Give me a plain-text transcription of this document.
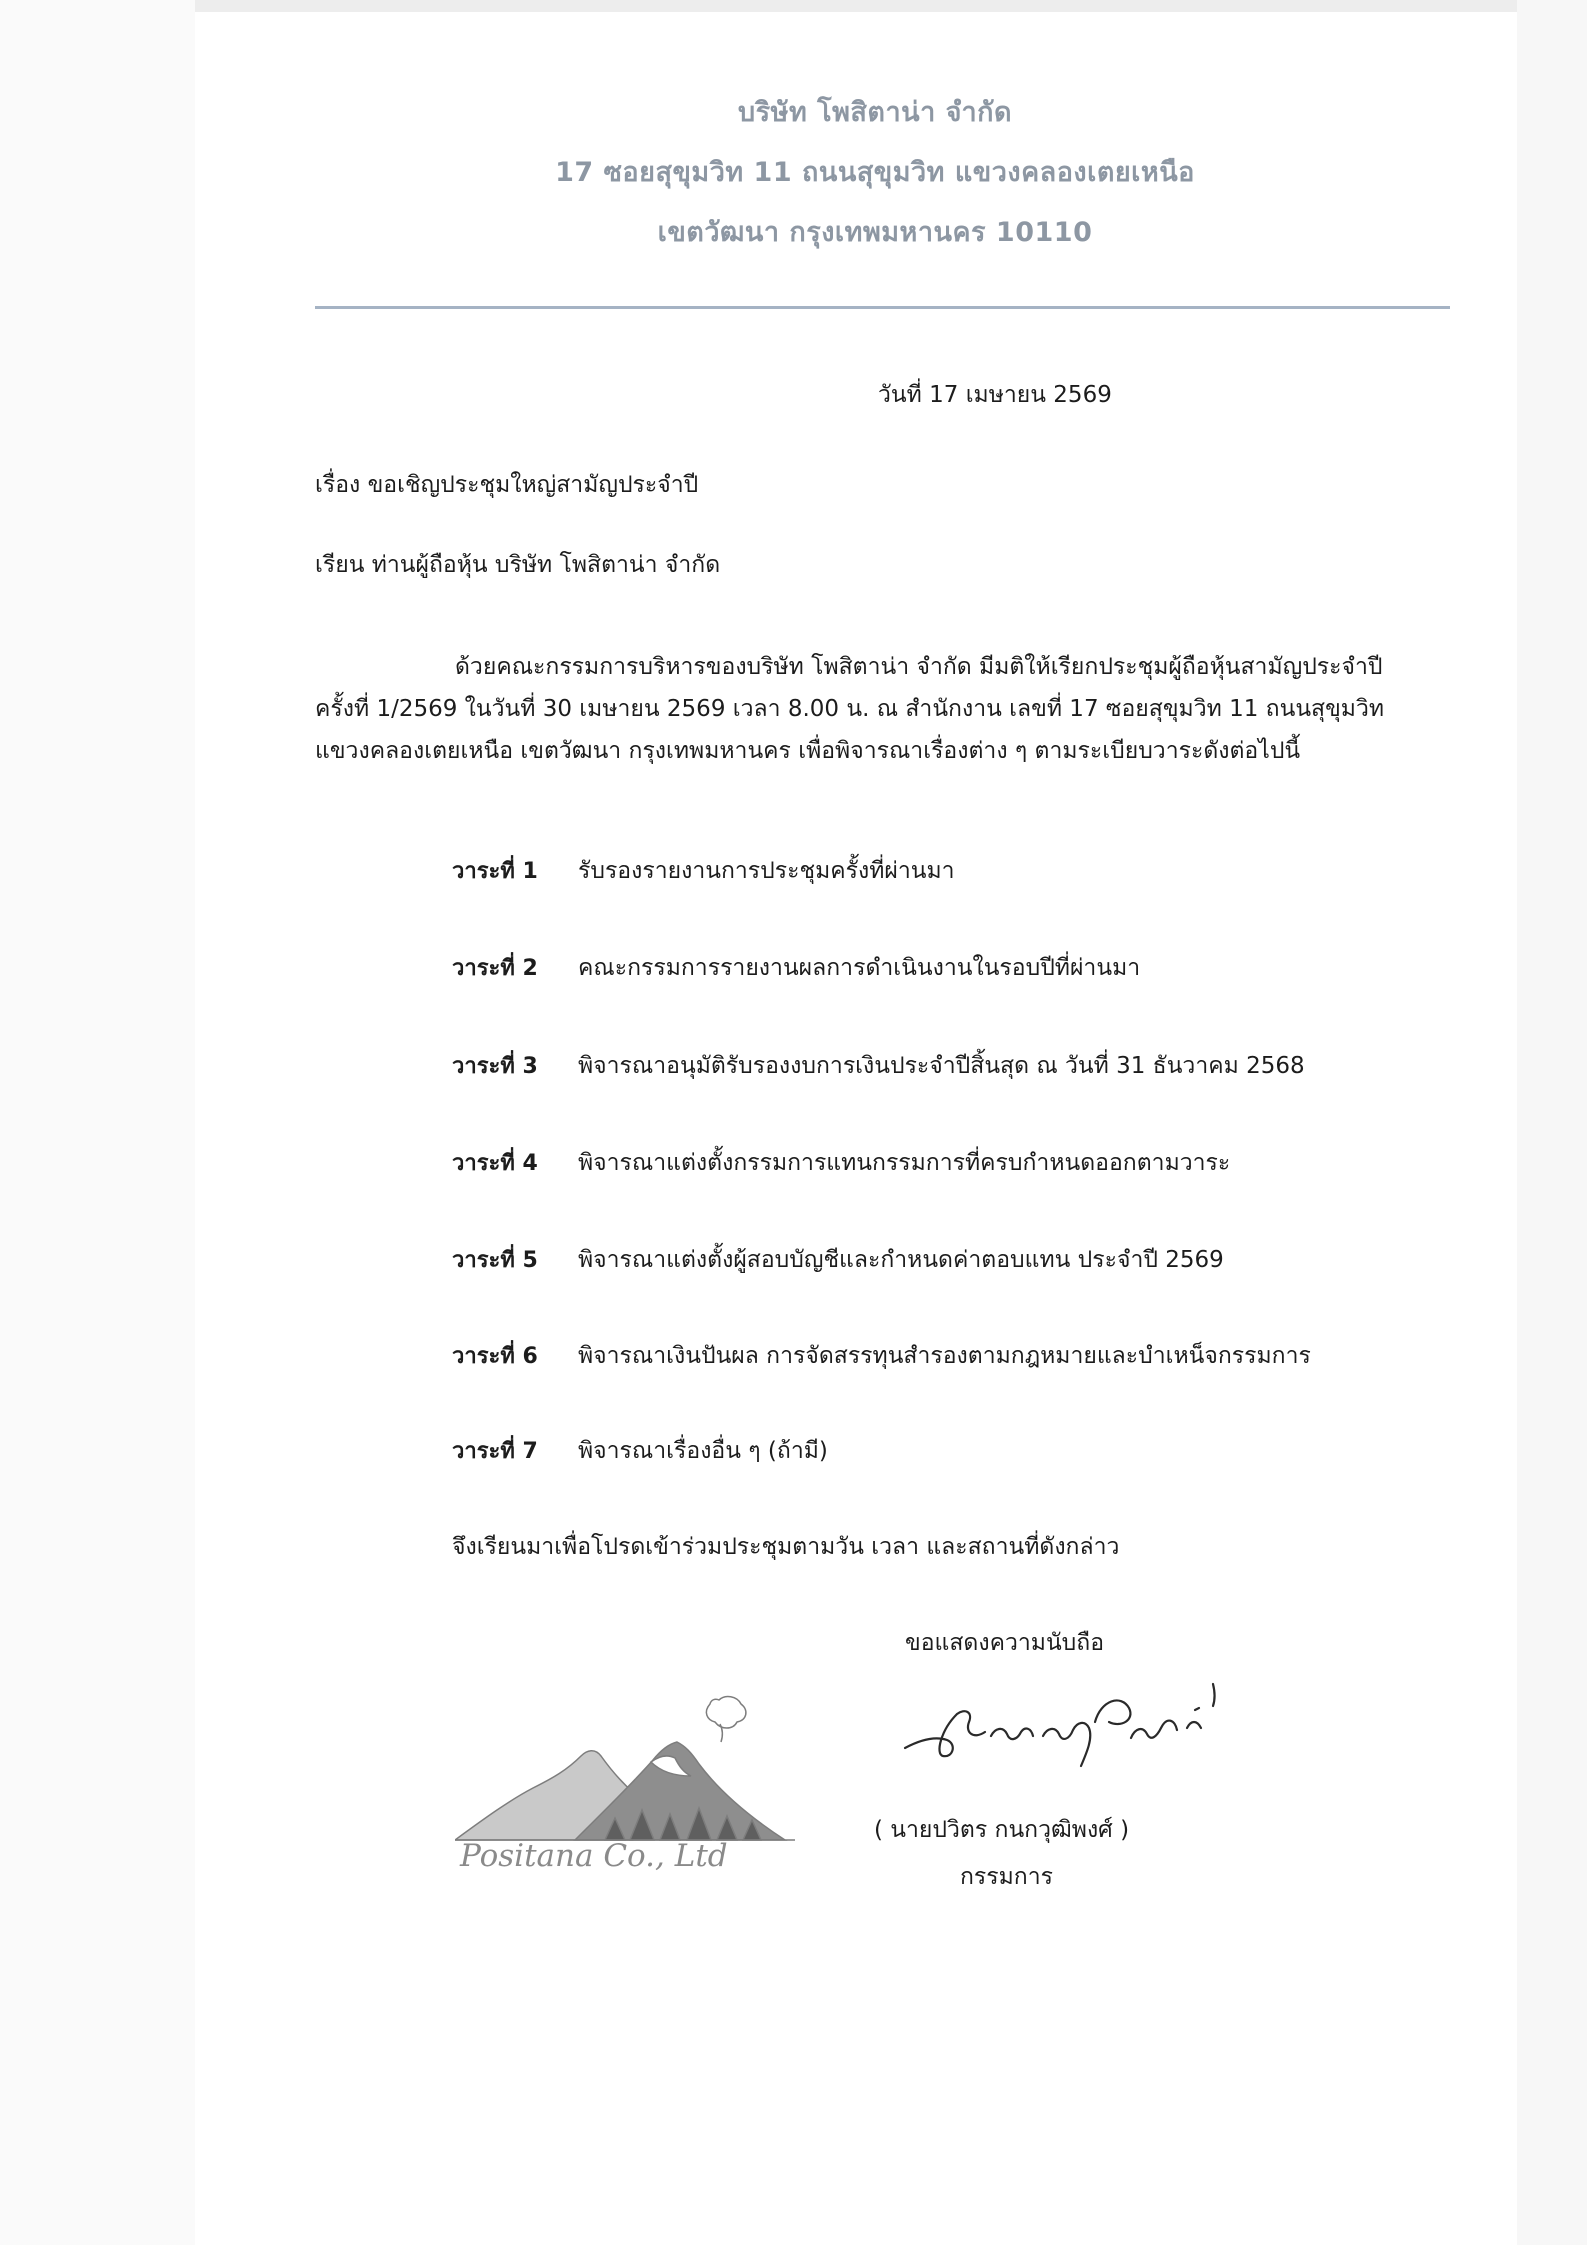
บริษัท โพสิตาน่า จำกัด
17 ซอยสุขุมวิท 11 ถนนสุขุมวิท แขวงคลองเตยเหนือ
เขตวัฒนา กรุงเทพมหานคร 10110
วันที่ 17 เมษายน 2569
เรื่อง ขอเชิญประชุมใหญ่สามัญประจำปี
เรียน ท่านผู้ถือหุ้น บริษัท โพสิตาน่า จำกัด
ด้วยคณะกรรมการบริหารของบริษัท โพสิตาน่า จำกัด มีมติให้เรียกประชุมผู้ถือหุ้นสามัญประจำปี ครั้งที่ 1/2569 ในวันที่ 30 เมษายน 2569 เวลา 8.00 น. ณ สำนักงาน เลขที่ 17 ซอยสุขุมวิท 11 ถนนสุขุมวิท แขวงคลองเตยเหนือ เขตวัฒนา กรุงเทพมหานคร เพื่อพิจารณาเรื่องต่าง ๆ ตามระเบียบวาระดังต่อไปนี้
วาระที่ 1 รับรองรายงานการประชุมครั้งที่ผ่านมา
วาระที่ 2 คณะกรรมการรายงานผลการดำเนินงานในรอบปีที่ผ่านมา
วาระที่ 3 พิจารณาอนุมัติรับรองงบการเงินประจำปีสิ้นสุด ณ วันที่ 31 ธันวาคม 2568
วาระที่ 4 พิจารณาแต่งตั้งกรรมการแทนกรรมการที่ครบกำหนดออกตามวาระ
วาระที่ 5 พิจารณาแต่งตั้งผู้สอบบัญชีและกำหนดค่าตอบแทน ประจำปี 2569
วาระที่ 6 พิจารณาเงินปันผล การจัดสรรทุนสำรองตามกฎหมายและบำเหน็จกรรมการ
วาระที่ 7 พิจารณาเรื่องอื่น ๆ (ถ้ามี)
จึงเรียนมาเพื่อโปรดเข้าร่วมประชุมตามวัน เวลา และสถานที่ดังกล่าว
ขอแสดงความนับถือ
Positana Co., Ltd
( นายปวิตร กนกวุฒิพงศ์ )
กรรมการ
